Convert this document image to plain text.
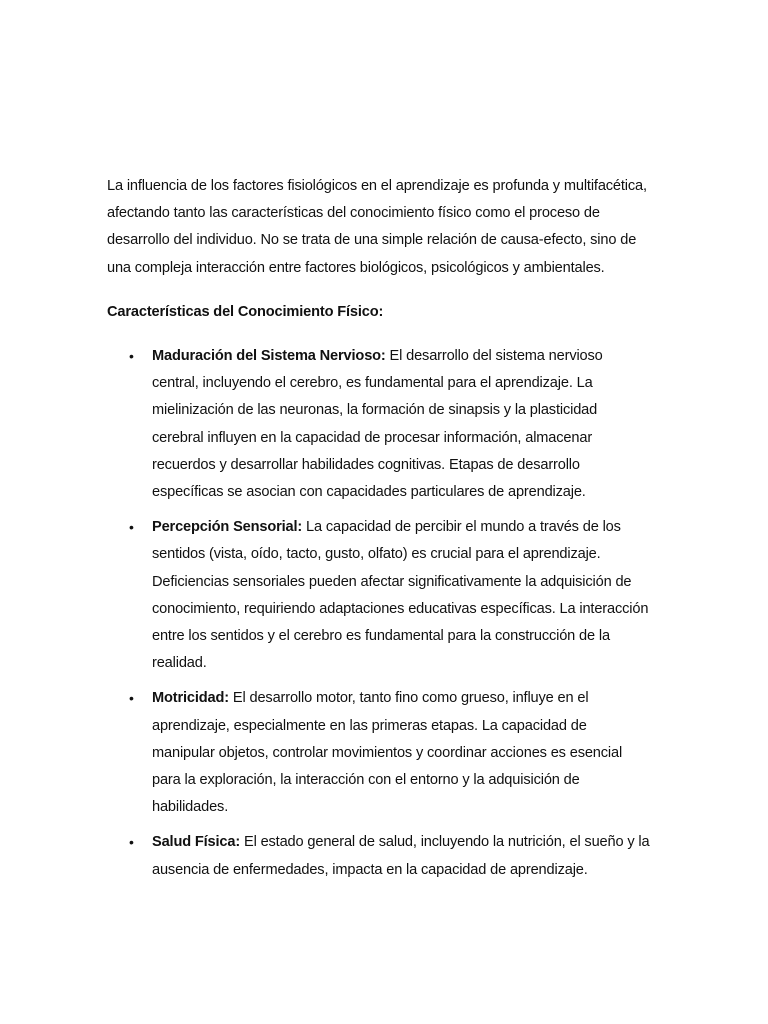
La influencia de los factores fisiológicos en el aprendizaje es profunda y multifacética, afectando tanto las características del conocimiento físico como el proceso de desarrollo del individuo. No se trata de una simple relación de causa-efecto, sino de una compleja interacción entre factores biológicos, psicológicos y ambientales.

Características del Conocimiento Físico:

• Maduración del Sistema Nervioso: El desarrollo del sistema nervioso central, incluyendo el cerebro, es fundamental para el aprendizaje. La mielinización de las neuronas, la formación de sinapsis y la plasticidad cerebral influyen en la capacidad de procesar información, almacenar recuerdos y desarrollar habilidades cognitivas. Etapas de desarrollo específicas se asocian con capacidades particulares de aprendizaje.
• Percepción Sensorial: La capacidad de percibir el mundo a través de los sentidos (vista, oído, tacto, gusto, olfato) es crucial para el aprendizaje. Deficiencias sensoriales pueden afectar significativamente la adquisición de conocimiento, requiriendo adaptaciones educativas específicas. La interacción entre los sentidos y el cerebro es fundamental para la construcción de la realidad.
• Motricidad: El desarrollo motor, tanto fino como grueso, influye en el aprendizaje, especialmente en las primeras etapas. La capacidad de manipular objetos, controlar movimientos y coordinar acciones es esencial para la exploración, la interacción con el entorno y la adquisición de habilidades.
• Salud Física: El estado general de salud, incluyendo la nutrición, el sueño y la ausencia de enfermedades, impacta en la capacidad de aprendizaje.
